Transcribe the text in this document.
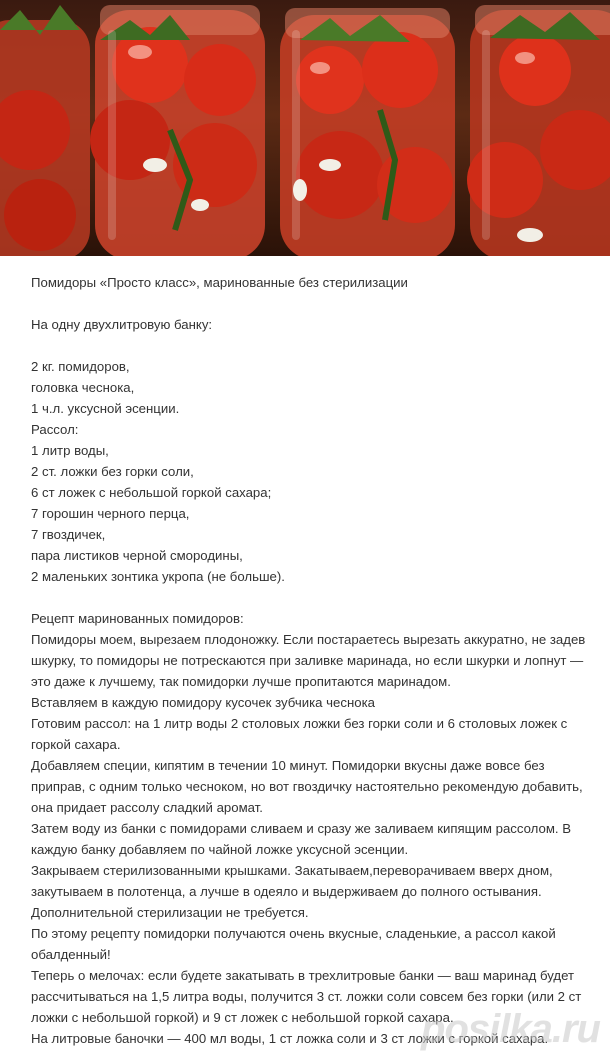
Помидоры «Просто класс», маринованные без стерилизации

На одну двухлитровую банку:

2 кг. помидоров,

головка чеснока,

1 ч.л. уксусной эсенции.

Рассол:

1 литр воды,

2 ст. ложки без горки соли,

6 ст ложек с небольшой горкой сахара;

7 горошин черного перца,

7 гвоздичек,

пара листиков черной смородины,

2 маленьких зонтика укропа (не больше).

Рецепт маринованных помидоров:

Помидоры моем, вырезаем плодоножку. Если постараетесь вырезать аккуратно, не задев шкурку, то помидоры не потрескаются при заливке маринада, но если шкурки и лопнут — это даже к лучшему, так помидорки лучше пропитаются маринадом.

Вставляем в каждую помидору кусочек зубчика чеснока

Готовим рассол: на 1 литр воды 2 столовых ложки без горки соли и 6 столовых ложек с горкой сахара.

Добавляем специи, кипятим в течении 10 минут. Помидорки вкусны даже вовсе без приправ, с одним только чесноком, но вот гвоздичку настоятельно рекомендую добавить, она придает рассолу сладкий аромат.

Затем воду из банки с помидорами сливаем и сразу же заливаем кипящим рассолом. В каждую банку добавляем по чайной ложке уксусной эсенции.

Закрываем стерилизованными крышками. Закатываем,переворачиваем вверх дном, закутываем в полотенца, а лучше в одеяло и выдерживаем до полного остывания. Дополнительной стерилизации не требуется.

По этому рецепту помидорки получаются очень вкусные, сладенькие, а рассол какой обалденный!

Теперь о мелочах: если будете закатывать в трехлитровые банки — ваш маринад будет рассчитываться на 1,5 литра воды, получится 3 ст. ложки соли совсем без горки (или 2 ст ложки с небольшой горкой) и 9 ст ложек с небольшой горкой сахара.

На литровые баночки — 400 мл воды, 1 ст ложка соли и 3 ст ложки с горкой сахара.

posilka.ru
